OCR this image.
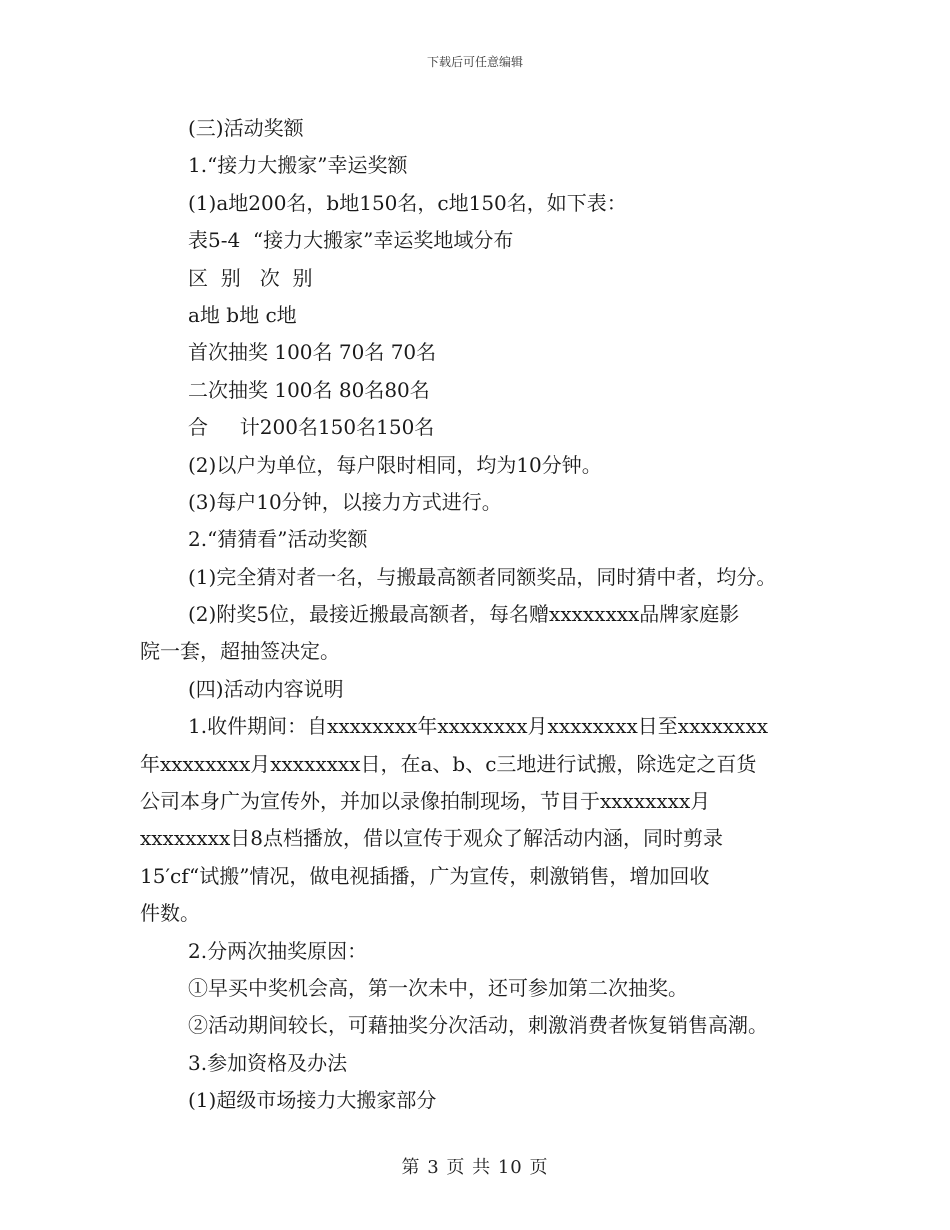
下载后可任意编辑
(三)活动奖额
1.“接力大搬家”幸运奖额
(1)a地200名，b地150名，c地150名，如下表：
表5-4  “接力大搬家”幸运奖地域分布
区  别   次  别
a地 b地 c地
首次抽奖 100名 70名 70名
二次抽奖 100名 80名80名
合     计200名150名150名
(2)以户为单位，每户限时相同，均为10分钟。
(3)每户10分钟，以接力方式进行。
2.“猜猜看”活动奖额
(1)完全猜对者一名，与搬最高额者同额奖品，同时猜中者，均分。
(2)附奖5位，最接近搬最高额者，每名赠xxxxxxxx品牌家庭影
院一套，超抽签决定。
(四)活动内容说明
1.收件期间：自xxxxxxxx年xxxxxxxx月xxxxxxxx日至xxxxxxxx
年xxxxxxxx月xxxxxxxx日，在a、b、c三地进行试搬，除选定之百货
公司本身广为宣传外，并加以录像拍制现场，节目于xxxxxxxx月
xxxxxxxx日8点档播放，借以宣传于观众了解活动内涵，同时剪录
15′cf“试搬”情况，做电视插播，广为宣传，刺激销售，增加回收
件数。
2.分两次抽奖原因：
①早买中奖机会高，第一次未中，还可参加第二次抽奖。
②活动期间较长，可藉抽奖分次活动，刺激消费者恢复销售高潮。
3.参加资格及办法
(1)超级市场接力大搬家部分
第 3 页 共 10 页
